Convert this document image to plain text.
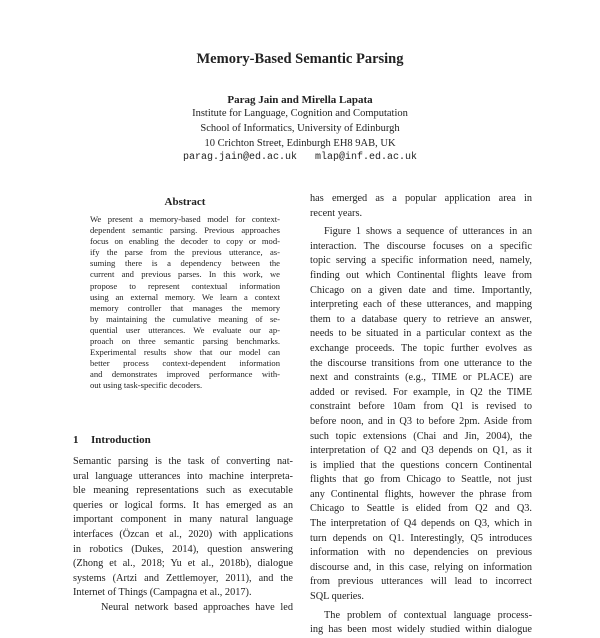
Memory-Based Semantic Parsing
Parag Jain and Mirella Lapata
Institute for Language, Cognition and Computation
School of Informatics, University of Edinburgh
10 Crichton Street, Edinburgh EH8 9AB, UK
parag.jain@ed.ac.uk   mlap@inf.ed.ac.uk
Abstract
We present a memory-based model for context-
dependent semantic parsing. Previous approaches
focus on enabling the decoder to copy or mod-
ify the parse from the previous utterance, as-
suming there is a dependency between the
current and previous parses. In this work, we
propose to represent contextual information
using an external memory. We learn a context
memory controller that manages the memory
by maintaining the cumulative meaning of se-
quential user utterances. We evaluate our ap-
proach on three semantic parsing benchmarks.
Experimental results show that our model can
better process context-dependent information
and demonstrates improved performance with-
out using task-specific decoders.
1 Introduction
Semantic parsing is the task of converting nat-
ural language utterances into machine interpreta-
ble meaning representations such as executable
queries or logical forms. It has emerged as an
important component in many natural language
interfaces (Özcan et al., 2020) with applications
in robotics (Dukes, 2014), question answering
(Zhong et al., 2018; Yu et al., 2018b), dialogue
systems (Artzi and Zettlemoyer, 2011), and the
Internet of Things (Campagna et al., 2017).
Neural network based approaches have led
has emerged as a popular application area in
recent years.
Figure 1 shows a sequence of utterances in an
interaction. The discourse focuses on a specific
topic serving a specific information need, namely,
finding out which Continental flights leave from
Chicago on a given date and time. Importantly,
interpreting each of these utterances, and mapping
them to a database query to retrieve an answer,
needs to be situated in a particular context as the
exchange proceeds. The topic further evolves as
the discourse transitions from one utterance to the
next and constraints (e.g., TIME or PLACE) are
added or revised. For example, in Q2 the TIME
constraint before 10am from Q1 is revised to
before noon, and in Q3 to before 2pm. Aside from
such topic extensions (Chai and Jin, 2004), the
interpretation of Q2 and Q3 depends on Q1, as it
is implied that the questions concern Continental
flights that go from Chicago to Seattle, not just
any Continental flights, however the phrase from
Chicago to Seattle is elided from Q2 and Q3.
The interpretation of Q4 depends on Q3, which in
turn depends on Q1. Interestingly, Q5 introduces
information with no dependencies on previous
discourse and, in this case, relying on information
from previous utterances will lead to incorrect
SQL queries.
The problem of contextual language process-
ing has been most widely studied within dialogue
